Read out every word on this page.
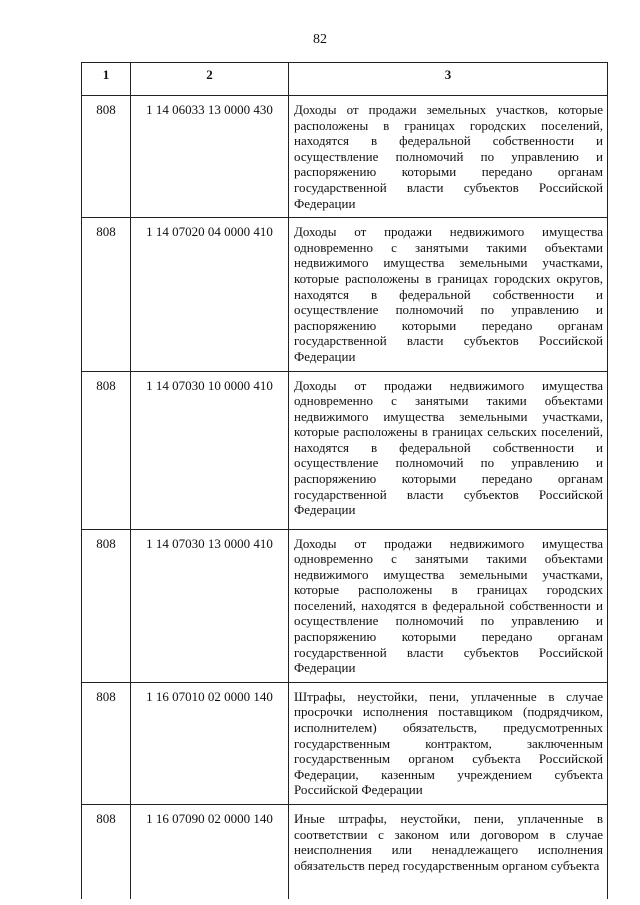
82
1	2	3
808	1 14 06033 13 0000 430	Доходы от продажи земельных участков, которые расположены в границах городских поселений, находятся в федеральной собственности и осуществление полномочий по управлению и распоряжению которыми передано органам государственной власти субъектов Российской Федерации
808	1 14 07020 04 0000 410	Доходы от продажи недвижимого имущества одновременно с занятыми такими объектами недвижимого имущества земельными участками, которые расположены в границах городских округов, находятся в федеральной собственности и осуществление полномочий по управлению и распоряжению которыми передано органам государственной власти субъектов Российской Федерации
808	1 14 07030 10 0000 410	Доходы от продажи недвижимого имущества одновременно с занятыми такими объектами недвижимого имущества земельными участками, которые расположены в границах сельских поселений, находятся в федеральной собственности и осуществление полномочий по управлению и распоряжению которыми передано органам государственной власти субъектов Российской Федерации
808	1 14 07030 13 0000 410	Доходы от продажи недвижимого имущества одновременно с занятыми такими объектами недвижимого имущества земельными участками, которые расположены в границах городских поселений, находятся в федеральной собственности и осуществление полномочий по управлению и распоряжению которыми передано органам государственной власти субъектов Российской Федерации
808	1 16 07010 02 0000 140	Штрафы, неустойки, пени, уплаченные в случае просрочки исполнения поставщиком (подрядчиком, исполнителем) обязательств, предусмотренных государственным контрактом, заключенным государственным органом субъекта Российской Федерации, казенным учреждением субъекта Российской Федерации
808	1 16 07090 02 0000 140	Иные штрафы, неустойки, пени, уплаченные в соответствии с законом или договором в случае неисполнения или ненадлежащего исполнения обязательств перед государственным органом субъекта
